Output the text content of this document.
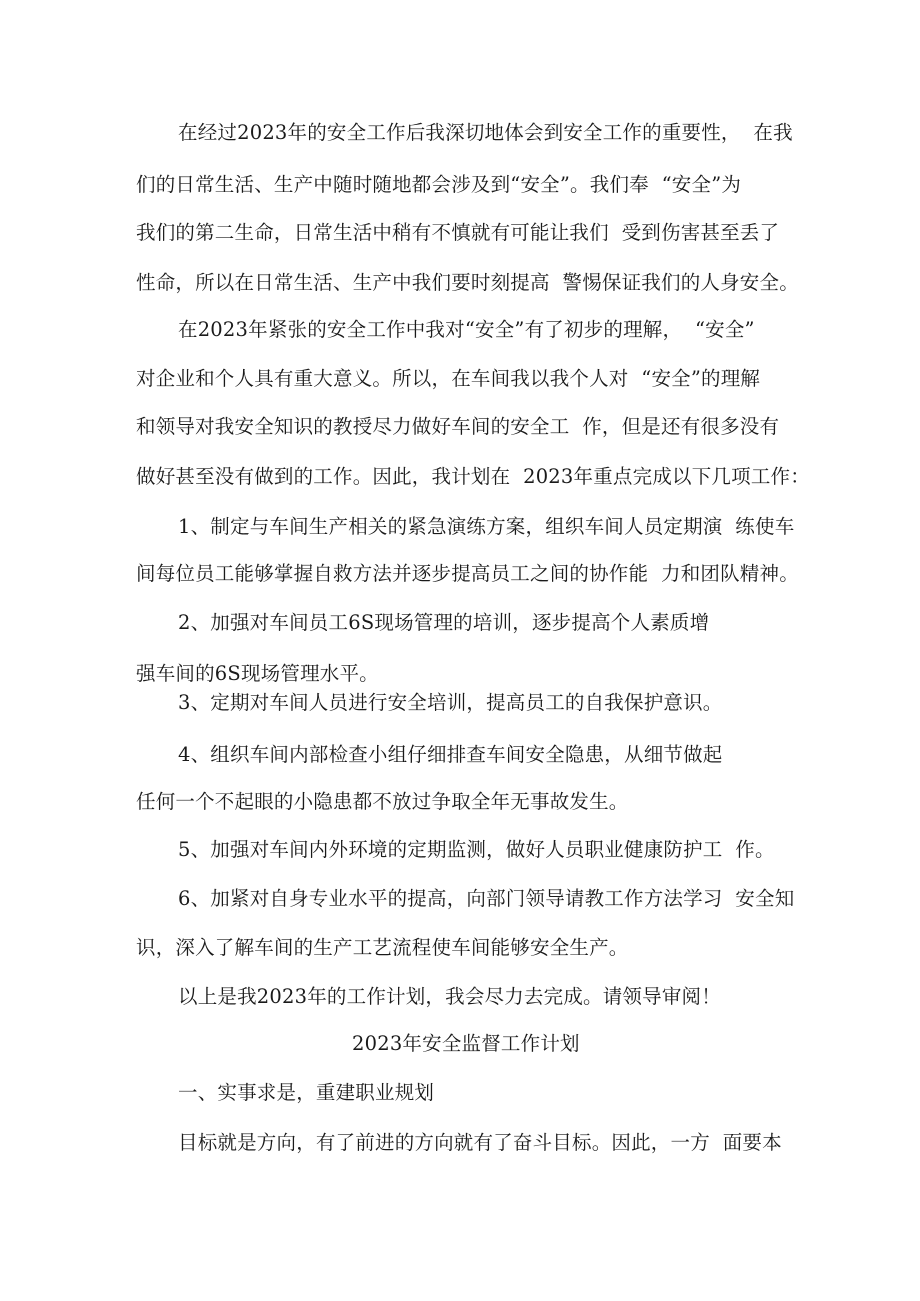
在经过2023年的安全工作后我深切地体会到安全工作的重要性，  在我
们的日常生活、生产中随时随地都会涉及到“安全”。我们奉  “安全”为
我们的第二生命，日常生活中稍有不慎就有可能让我们  受到伤害甚至丢了
性命，所以在日常生活、生产中我们要时刻提高  警惕保证我们的人身安全。
在2023年紧张的安全工作中我对“安全”有了初步的理解，  “安全”
对企业和个人具有重大意义。所以，在车间我以我个人对  “安全”的理解
和领导对我安全知识的教授尽力做好车间的安全工  作，但是还有很多没有
做好甚至没有做到的工作。因此，我计划在  2023年重点完成以下几项工作：
1、制定与车间生产相关的紧急演练方案，组织车间人员定期演  练使车
间每位员工能够掌握自救方法并逐步提高员工之间的协作能  力和团队精神。
2、加强对车间员工6S现场管理的培训，逐步提高个人素质增
强车间的6S现场管理水平。
3、定期对车间人员进行安全培训，提高员工的自我保护意识。
4、组织车间内部检查小组仔细排查车间安全隐患，从细节做起
任何一个不起眼的小隐患都不放过争取全年无事故发生。
5、加强对车间内外环境的定期监测，做好人员职业健康防护工  作。
6、加紧对自身专业水平的提高，向部门领导请教工作方法学习  安全知
识，深入了解车间的生产工艺流程使车间能够安全生产。
以上是我2023年的工作计划，我会尽力去完成。请领导审阅！
2023年安全监督工作计划
一、实事求是，重建职业规划
目标就是方向，有了前进的方向就有了奋斗目标。因此，一方  面要本
